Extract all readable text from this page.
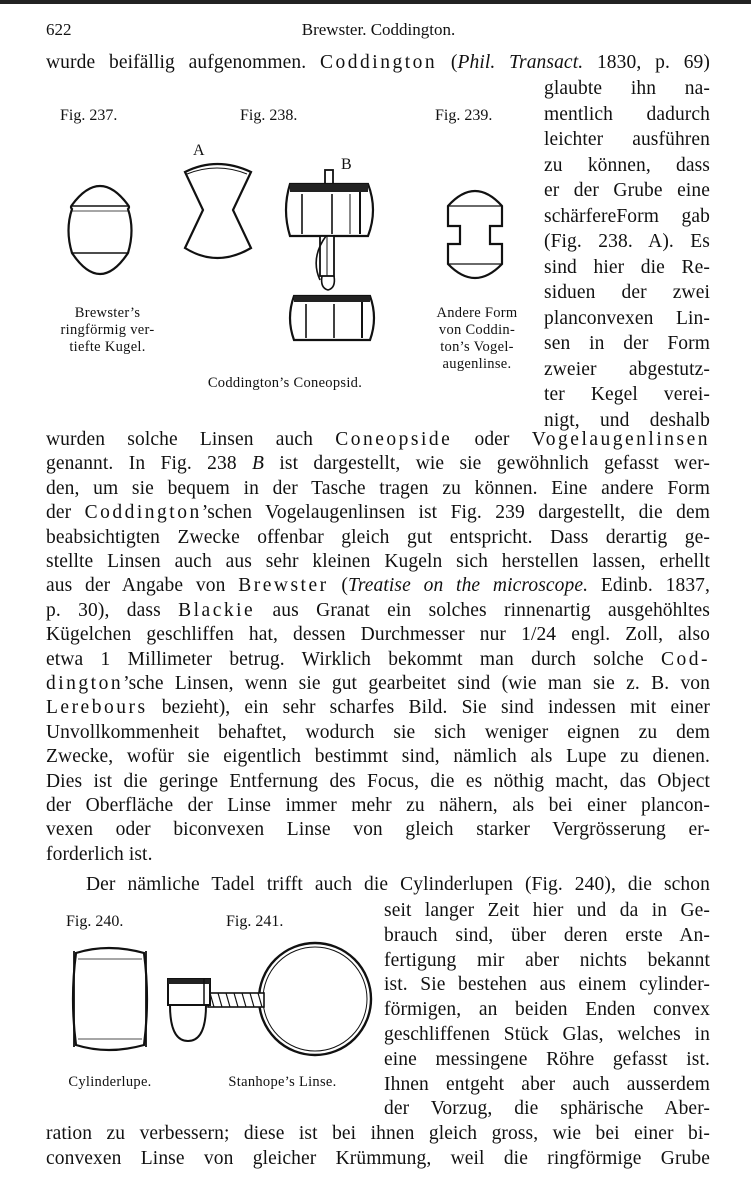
622	Brewster. Coddington.
wurde beifällig aufgenommen. Coddington (Phil. Transact. 1830, p. 69)
glaubte ihn na-
mentlich dadurch
leichter ausführen
zu können, dass
er der Grube eine
schärfereForm gab
(Fig. 238. A). Es
sind hier die Re-
siduen der zwei
planconvexen Lin-
sen in der Form
zweier abgestutz-
ter Kegel verei-
nigt, und deshalb
wurden solche Linsen auch Coneopside oder Vogelaugenlinsen
genannt. In Fig. 238 B ist dargestellt, wie sie gewöhnlich gefasst wer-
den, um sie bequem in der Tasche tragen zu können. Eine andere Form
der Coddington’schen Vogelaugenlinsen ist Fig. 239 dargestellt, die dem
beabsichtigten Zwecke offenbar gleich gut entspricht. Dass derartig ge-
stellte Linsen auch aus sehr kleinen Kugeln sich herstellen lassen, erhellt
aus der Angabe von Brewster (Treatise on the microscope. Edinb. 1837,
p. 30), dass Blackie aus Granat ein solches rinnenartig ausgehöhltes
Kügelchen geschliffen hat, dessen Durchmesser nur 1/24 engl. Zoll, also
etwa 1 Millimeter betrug. Wirklich bekommt man durch solche Cod-
dington’sche Linsen, wenn sie gut gearbeitet sind (wie man sie z. B. von
Lerebours bezieht), ein sehr scharfes Bild. Sie sind indessen mit einer
Unvollkommenheit behaftet, wodurch sie sich weniger eignen zu dem
Zwecke, wofür sie eigentlich bestimmt sind, nämlich als Lupe zu dienen.
Dies ist die geringe Entfernung des Focus, die es nöthig macht, das Object
der Oberfläche der Linse immer mehr zu nähern, als bei einer plancon-
vexen oder biconvexen Linse von gleich starker Vergrösserung er-
forderlich ist.
Der nämliche Tadel trifft auch die Cylinderlupen (Fig. 240), die schon
seit langer Zeit hier und da in Ge-
brauch sind, über deren erste An-
fertigung mir aber nichts bekannt
ist. Sie bestehen aus einem cylinder-
förmigen, an beiden Enden convex
geschliffenen Stück Glas, welches in
eine messingene Röhre gefasst ist.
Ihnen entgeht aber auch ausserdem
der Vorzug, die sphärische Aber-
ration zu verbessern; diese ist bei ihnen gleich gross, wie bei einer bi-
convexen Linse von gleicher Krümmung, weil die ringförmige Grube
Fig. 237.	Fig. 238.	Fig. 239.
Brewster’s
ringförmig ver-
tiefte Kugel.
A
B
Coddington’s Coneopsid.
Andere Form
von Coddin-
ton’s Vogel-
augenlinse.
Fig. 240.	Fig. 241.
Cylinderlupe.	Stanhope’s Linse.
